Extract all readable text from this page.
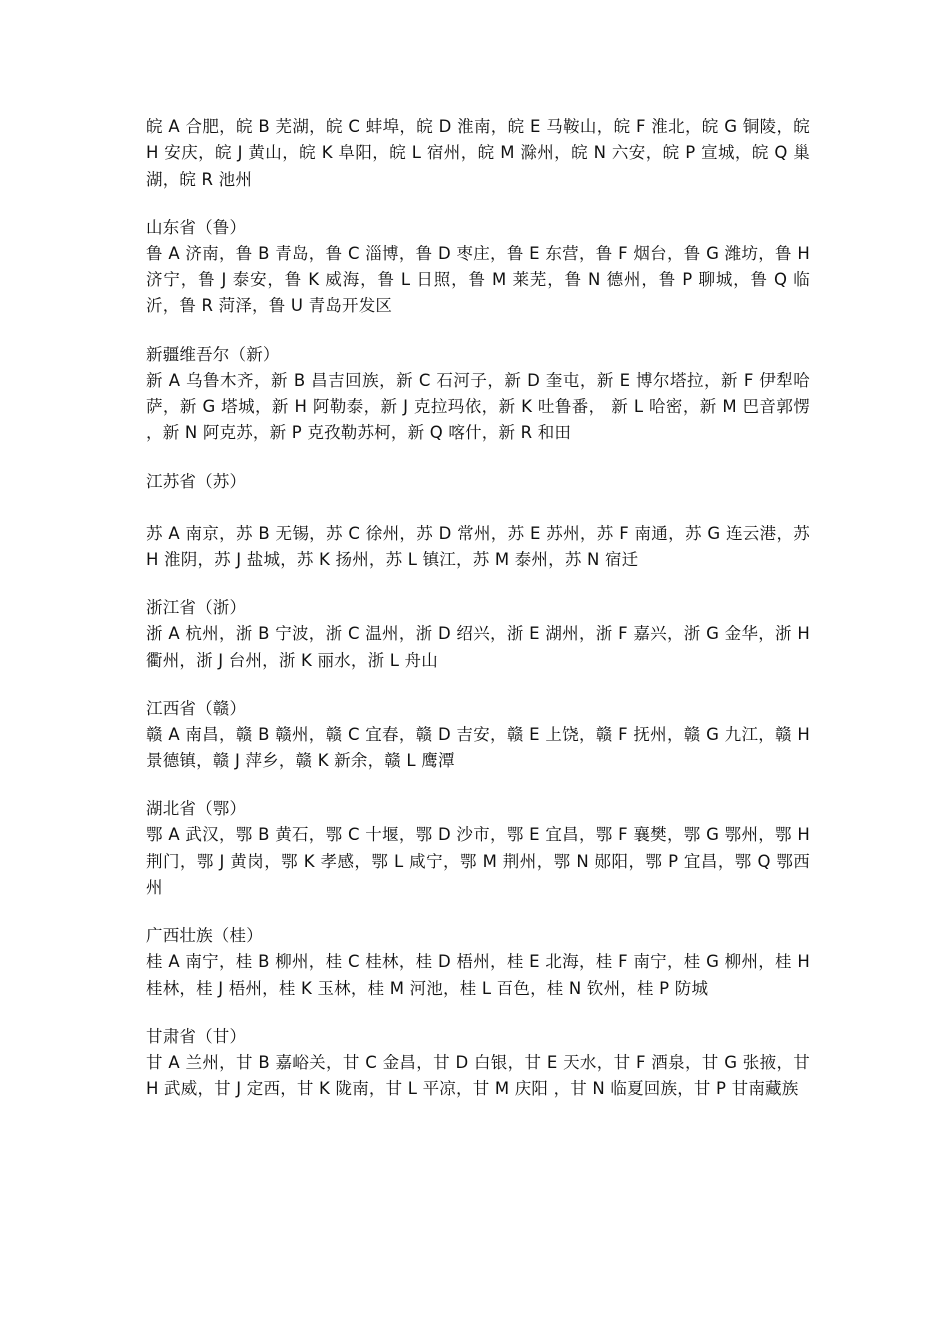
皖 A 合肥，皖 B 芜湖，皖 C 蚌埠，皖 D 淮南，皖 E 马鞍山，皖 F 淮北，皖 G 铜陵，皖 H 安庆，皖 J 黄山，皖 K 阜阳，皖 L 宿州，皖 M 滁州，皖 N 六安，皖 P 宣城，皖 Q 巢湖，皖 R 池州

山东省（鲁）

鲁 A 济南，鲁 B 青岛，鲁 C 淄博，鲁 D 枣庄，鲁 E 东营，鲁 F 烟台，鲁 G 潍坊，鲁 H 济宁，鲁 J 泰安，鲁 K 威海，鲁 L 日照，鲁 M 莱芜，鲁 N 德州，鲁 P 聊城，鲁 Q 临沂，鲁 R 菏泽，鲁 U 青岛开发区

新疆维吾尔（新）

新 A 乌鲁木齐，新 B 昌吉回族，新 C 石河子，新 D 奎屯，新 E 博尔塔拉，新 F 伊犁哈萨，新 G 塔城，新 H 阿勒泰，新 J 克拉玛依，新 K 吐鲁番， 新 L 哈密，新 M 巴音郭愣 ，新 N 阿克苏，新 P 克孜勒苏柯，新 Q 喀什，新 R 和田

江苏省（苏）

苏 A 南京，苏 B 无锡，苏 C 徐州，苏 D 常州，苏 E 苏州，苏 F 南通，苏 G 连云港，苏 H 淮阴，苏 J 盐城，苏 K 扬州，苏 L 镇江，苏 M 泰州，苏 N 宿迁

浙江省（浙）

浙 A 杭州，浙 B 宁波，浙 C 温州，浙 D 绍兴，浙 E 湖州，浙 F 嘉兴，浙 G 金华，浙 H 衢州，浙 J 台州，浙 K 丽水，浙 L 舟山

江西省（赣）

赣 A 南昌，赣 B 赣州，赣 C 宜春，赣 D 吉安，赣 E 上饶，赣 F 抚州，赣 G 九江，赣 H 景德镇，赣 J 萍乡，赣 K 新余，赣 L 鹰潭

湖北省（鄂）

鄂 A 武汉，鄂 B 黄石，鄂 C 十堰，鄂 D 沙市，鄂 E 宜昌，鄂 F 襄樊，鄂 G 鄂州，鄂 H 荆门，鄂 J 黄岗，鄂 K 孝感，鄂 L 咸宁，鄂 M 荆州，鄂 N 郧阳，鄂 P 宜昌，鄂 Q 鄂西州

广西壮族（桂）

桂 A 南宁，桂 B 柳州，桂 C 桂林，桂 D 梧州，桂 E 北海，桂 F 南宁，桂 G 柳州，桂 H 桂林，桂 J 梧州，桂 K 玉林，桂 M 河池，桂 L 百色，桂 N 钦州，桂 P 防城

甘肃省（甘）

甘 A 兰州，甘 B 嘉峪关，甘 C 金昌，甘 D 白银，甘 E 天水，甘 F 酒泉，甘 G 张掖，甘 H 武威，甘 J 定西，甘 K 陇南，甘 L 平凉，甘 M 庆阳 ，甘 N 临夏回族，甘 P 甘南藏族
